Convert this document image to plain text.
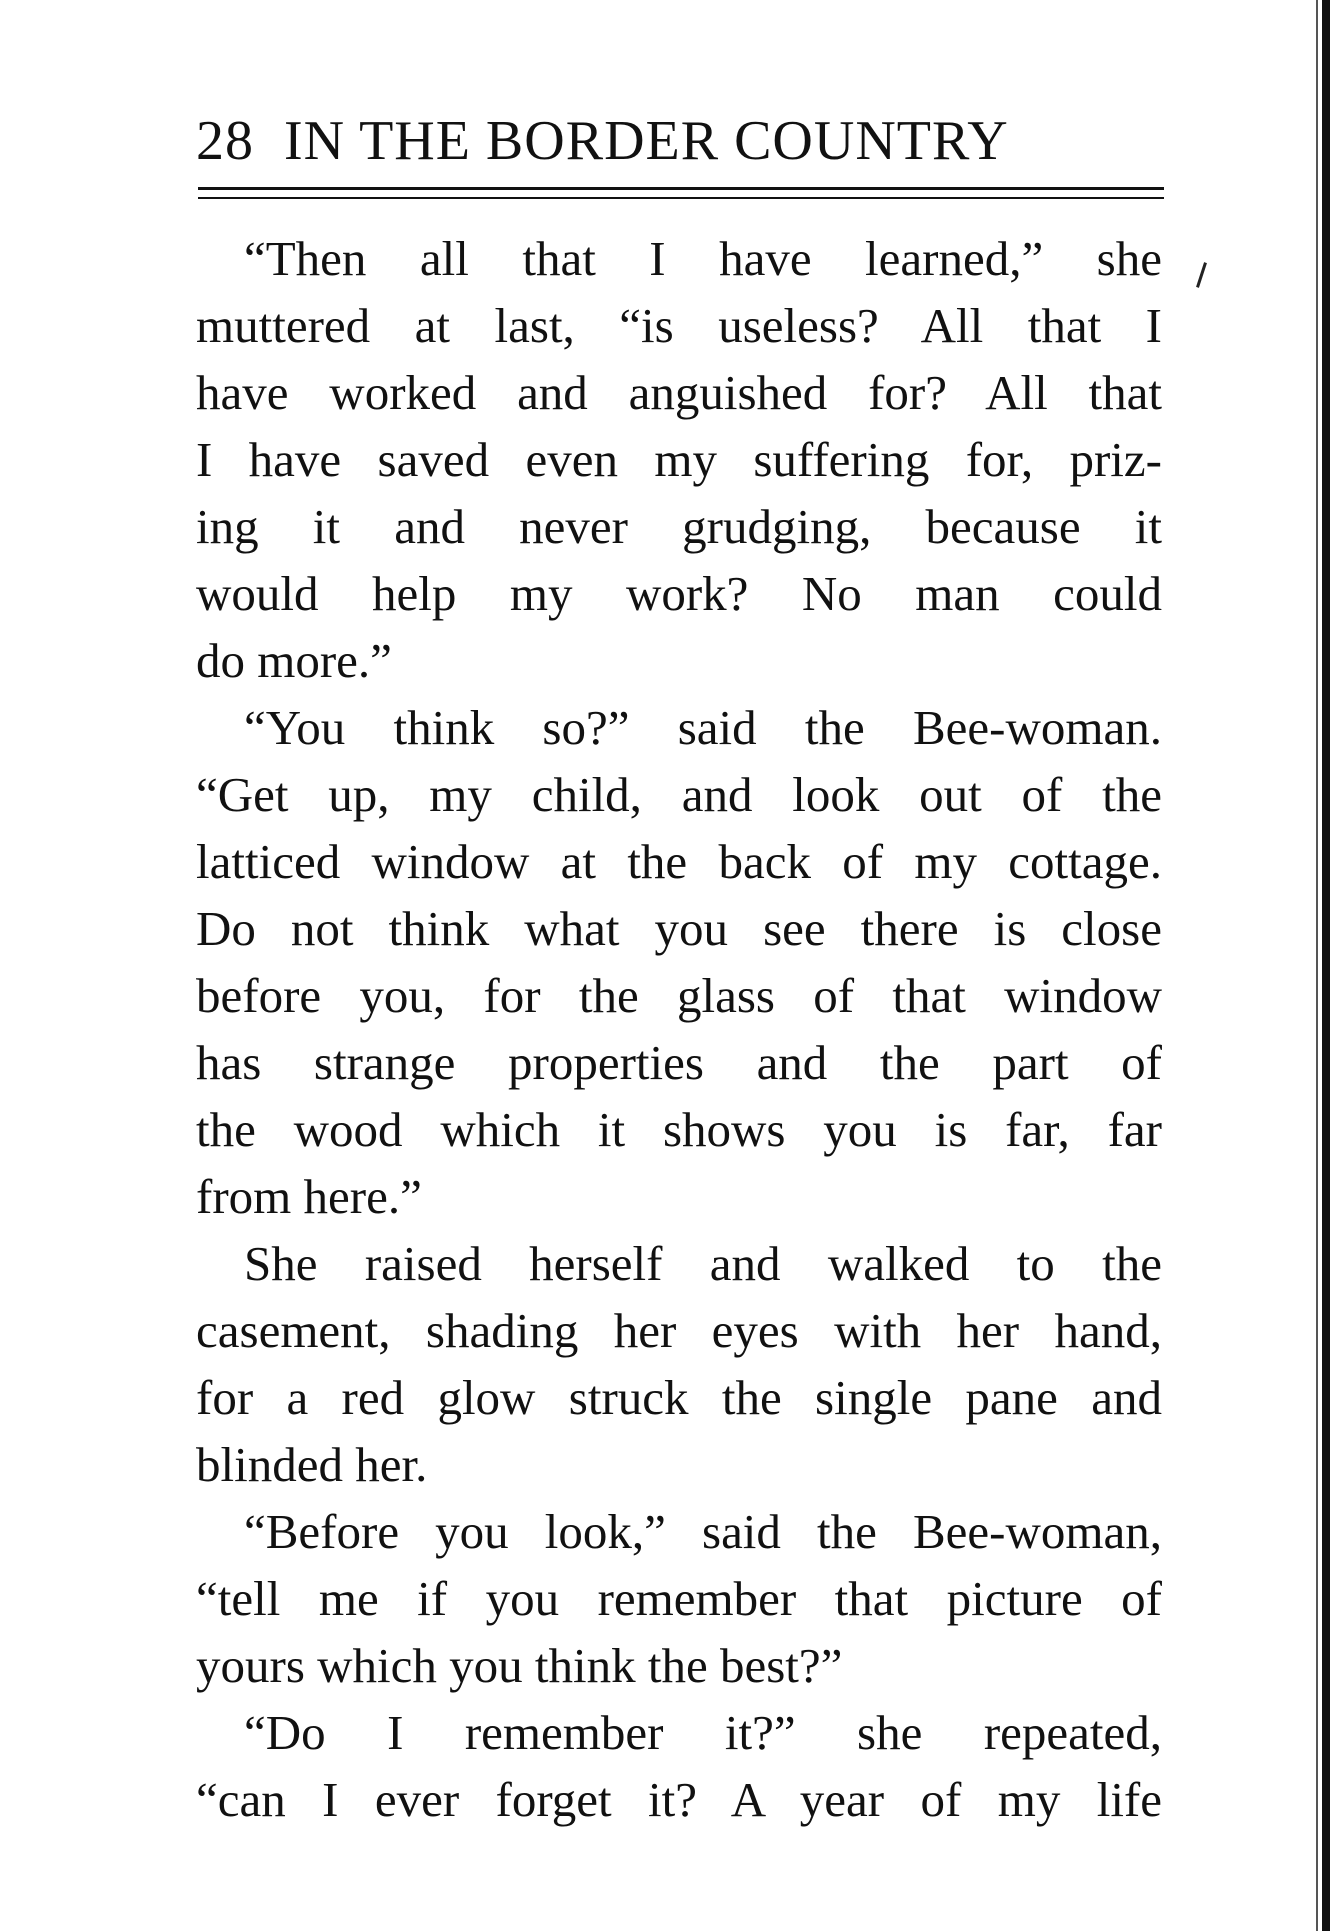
28 IN THE BORDER COUNTRY
“Then all that I have learned,” she
muttered at last, “is useless? All that I
have worked and anguished for? All that
I have saved even my suffering for, priz-
ing it and never grudging, because it
would help my work? No man could
do more.”
“You think so?” said the Bee-woman.
“Get up, my child, and look out of the
latticed window at the back of my cottage.
Do not think what you see there is close
before you, for the glass of that window
has strange properties and the part of
the wood which it shows you is far, far
from here.”
She raised herself and walked to the
casement, shading her eyes with her hand,
for a red glow struck the single pane and
blinded her.
“Before you look,” said the Bee-woman,
“tell me if you remember that picture of
yours which you think the best?”
“Do I remember it?” she repeated,
“can I ever forget it? A year of my life
